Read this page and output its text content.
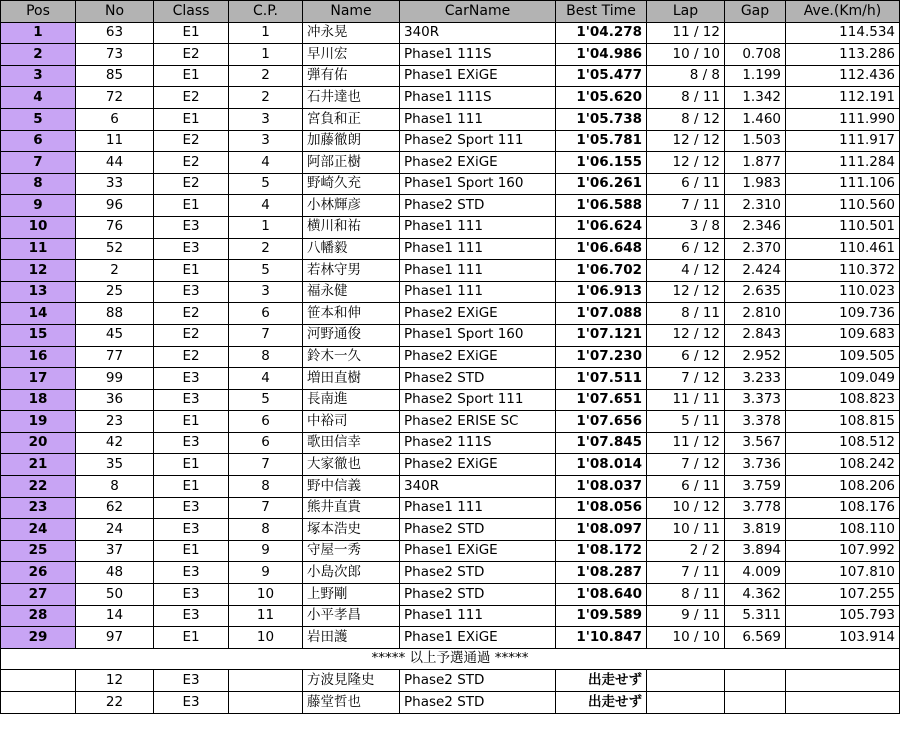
Pos	No	Class	C.P.	Name	CarName	Best Time	Lap	Gap	Ave.(Km/h)
1	63	E1	1	冲永晃	340R	1'04.278	11 / 12		114.534
2	73	E2	1	早川宏	Phase1 111S	1'04.986	10 / 10	0.708	113.286
3	85	E1	2	弾有佑	Phase1 EXiGE	1'05.477	8 / 8	1.199	112.436
4	72	E2	2	石井達也	Phase1 111S	1'05.620	8 / 11	1.342	112.191
5	6	E1	3	宮負和正	Phase1 111	1'05.738	8 / 12	1.460	111.990
6	11	E2	3	加藤徹朗	Phase2 Sport 111	1'05.781	12 / 12	1.503	111.917
7	44	E2	4	阿部正樹	Phase2 EXiGE	1'06.155	12 / 12	1.877	111.284
8	33	E2	5	野崎久充	Phase1 Sport 160	1'06.261	6 / 11	1.983	111.106
9	96	E1	4	小林輝彦	Phase2 STD	1'06.588	7 / 11	2.310	110.560
10	76	E3	1	横川和祐	Phase1 111	1'06.624	3 / 8	2.346	110.501
11	52	E3	2	八幡毅	Phase1 111	1'06.648	6 / 12	2.370	110.461
12	2	E1	5	若林守男	Phase1 111	1'06.702	4 / 12	2.424	110.372
13	25	E3	3	福永健	Phase1 111	1'06.913	12 / 12	2.635	110.023
14	88	E2	6	笹本和伸	Phase2 EXiGE	1'07.088	8 / 11	2.810	109.736
15	45	E2	7	河野通俊	Phase1 Sport 160	1'07.121	12 / 12	2.843	109.683
16	77	E2	8	鈴木一久	Phase2 EXiGE	1'07.230	6 / 12	2.952	109.505
17	99	E3	4	増田直樹	Phase2 STD	1'07.511	7 / 12	3.233	109.049
18	36	E3	5	長南進	Phase2 Sport 111	1'07.651	11 / 11	3.373	108.823
19	23	E1	6	中裕司	Phase2 ERISE SC	1'07.656	5 / 11	3.378	108.815
20	42	E3	6	歌田信幸	Phase2 111S	1'07.845	11 / 12	3.567	108.512
21	35	E1	7	大家徹也	Phase2 EXiGE	1'08.014	7 / 12	3.736	108.242
22	8	E1	8	野中信義	340R	1'08.037	6 / 11	3.759	108.206
23	62	E3	7	熊井直貴	Phase1 111	1'08.056	10 / 12	3.778	108.176
24	24	E3	8	塚本浩史	Phase2 STD	1'08.097	10 / 11	3.819	108.110
25	37	E1	9	守屋一秀	Phase1 EXiGE	1'08.172	2 / 2	3.894	107.992
26	48	E3	9	小島次郎	Phase2 STD	1'08.287	7 / 11	4.009	107.810
27	50	E3	10	上野剛	Phase2 STD	1'08.640	8 / 11	4.362	107.255
28	14	E3	11	小平孝昌	Phase1 111	1'09.589	9 / 11	5.311	105.793
29	97	E1	10	岩田護	Phase1 EXiGE	1'10.847	10 / 10	6.569	103.914
***** 以上予選通過 *****									
	12	E3		方波見隆史	Phase2 STD	出走せず			
	22	E3		藤堂哲也	Phase2 STD	出走せず			
